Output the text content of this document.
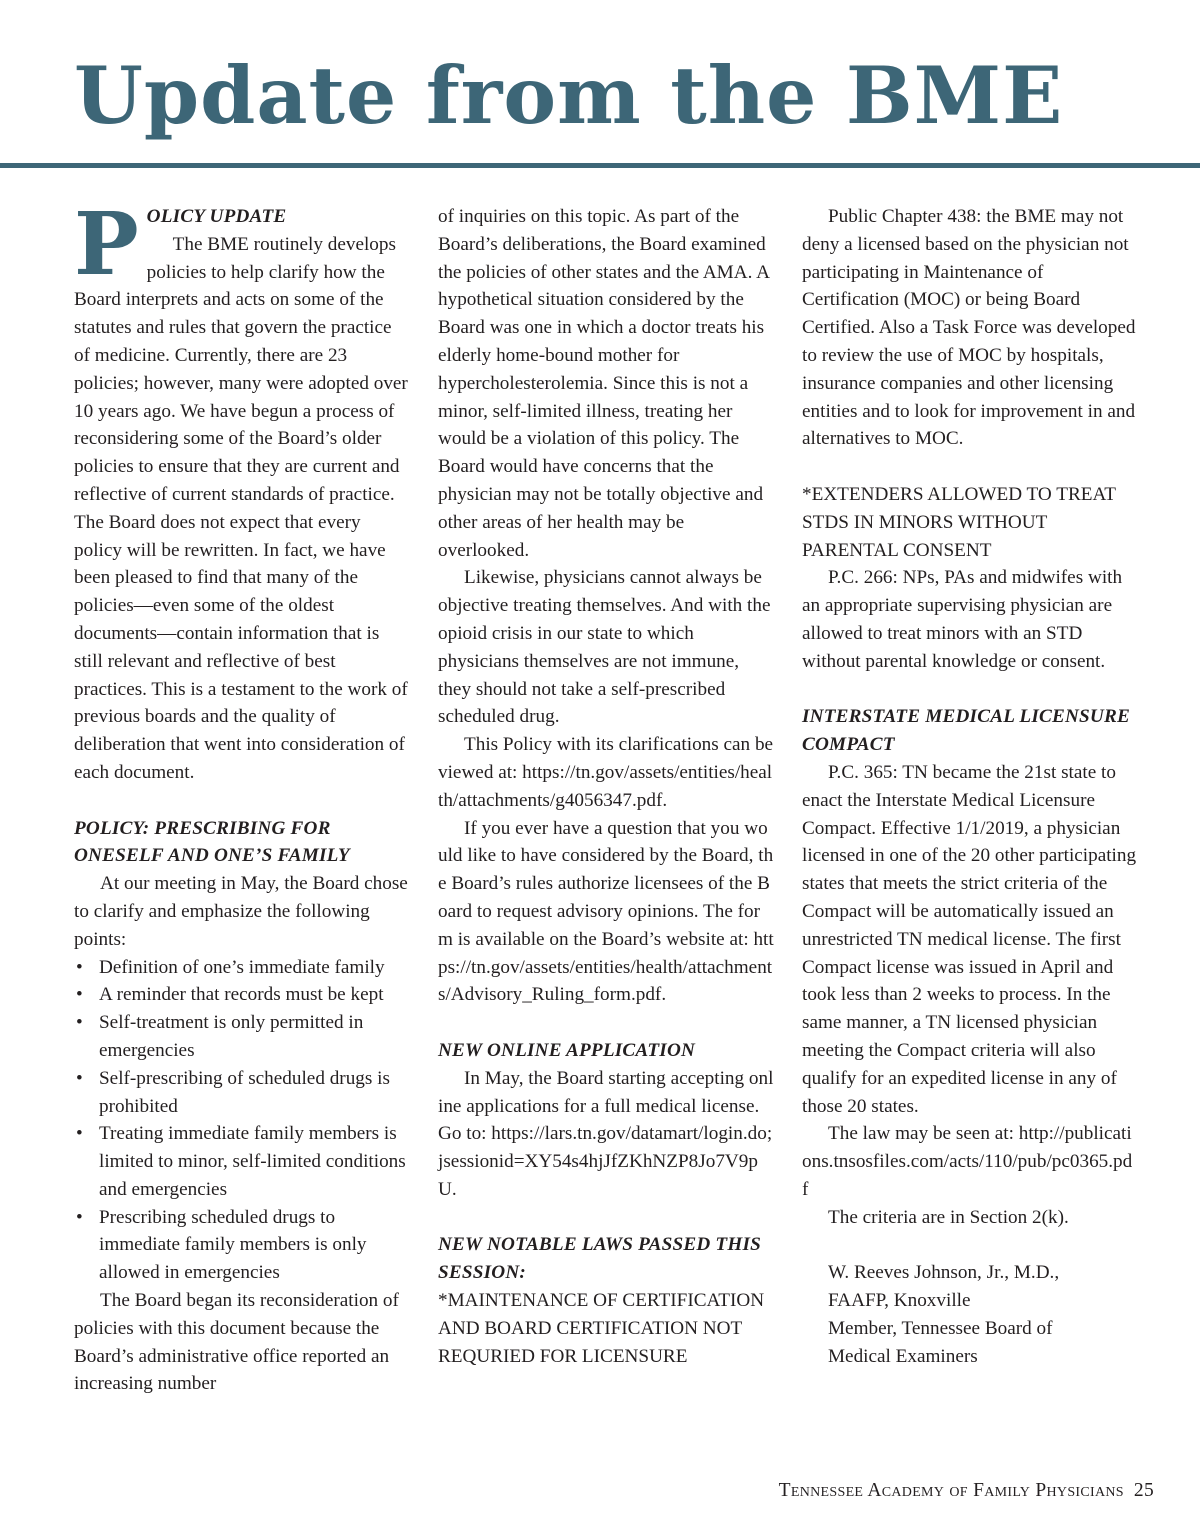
Update from the BME

POLICY UPDATE
The BME routinely develops policies to help clarify how the Board interprets and acts on some of the statutes and rules that govern the practice of medicine. Currently, there are 23 policies; however, many were adopted over 10 years ago. We have begun a process of reconsidering some of the Board’s older policies to ensure that they are current and reflective of current standards of practice. The Board does not expect that every policy will be rewritten. In fact, we have been pleased to find that many of the policies—even some of the oldest documents—contain information that is still relevant and reflective of best practices. This is a testament to the work of previous boards and the quality of deliberation that went into consideration of each document.

POLICY: PRESCRIBING FOR ONESELF AND ONE’S FAMILY

At our meeting in May, the Board chose to clarify and emphasize the following points:

• Definition of one’s immediate family
• A reminder that records must be kept
• Self-treatment is only permitted in emergencies
• Self-prescribing of scheduled drugs is prohibited
• Treating immediate family members is limited to minor, self-limited conditions and emergencies
• Prescribing scheduled drugs to immediate family members is only allowed in emergencies

The Board began its reconsideration of policies with this document because the Board’s administrative office reported an increasing number

of inquiries on this topic. As part of the Board’s deliberations, the Board examined the policies of other states and the AMA. A hypothetical situation considered by the Board was one in which a doctor treats his elderly home-bound mother for hypercholesterolemia. Since this is not a minor, self-limited illness, treating her would be a violation of this policy. The Board would have concerns that the physician may not be totally objective and other areas of her health may be overlooked.

Likewise, physicians cannot always be objective treating themselves. And with the opioid crisis in our state to which physicians themselves are not immune, they should not take a self-prescribed scheduled drug.

This Policy with its clarifications can be viewed at: https://tn.gov/assets/entities/health/attachments/g4056347.pdf.

If you ever have a question that you would like to have considered by the Board, the Board’s rules authorize licensees of the Board to request advisory opinions. The form is available on the Board’s website at: https://tn.gov/assets/entities/health/attachments/Advisory_Ruling_form.pdf.

NEW ONLINE APPLICATION

In May, the Board starting accepting online applications for a full medical license. Go to: https://lars.tn.gov/datamart/login.do;jsessionid=XY54s4hjJfZKhNZP8Jo7V9pU.

NEW NOTABLE LAWS PASSED THIS SESSION:

*MAINTENANCE OF CERTIFICATION AND BOARD CERTIFICATION NOT REQURIED FOR LICENSURE

Public Chapter 438: the BME may not deny a licensed based on the physician not participating in Maintenance of Certification (MOC) or being Board Certified. Also a Task Force was developed to review the use of MOC by hospitals, insurance companies and other licensing entities and to look for improvement in and alternatives to MOC.

*EXTENDERS ALLOWED TO TREAT STDS IN MINORS WITHOUT PARENTAL CONSENT

P.C. 266: NPs, PAs and midwifes with an appropriate supervising physician are allowed to treat minors with an STD without parental knowledge or consent.

INTERSTATE MEDICAL LICENSURE COMPACT

P.C. 365: TN became the 21st state to enact the Interstate Medical Licensure Compact. Effective 1/1/2019, a physician licensed in one of the 20 other participating states that meets the strict criteria of the Compact will be automatically issued an unrestricted TN medical license. The first Compact license was issued in April and took less than 2 weeks to process. In the same manner, a TN licensed physician meeting the Compact criteria will also qualify for an expedited license in any of those 20 states.

The law may be seen at: http://publications.tnsosfiles.com/acts/110/pub/pc0365.pdf

The criteria are in Section 2(k).

W. Reeves Johnson, Jr., M.D.,

FAAFP, Knoxville

Member, Tennessee Board of

Medical Examiners

Tennessee Academy of Family Physicians 25
